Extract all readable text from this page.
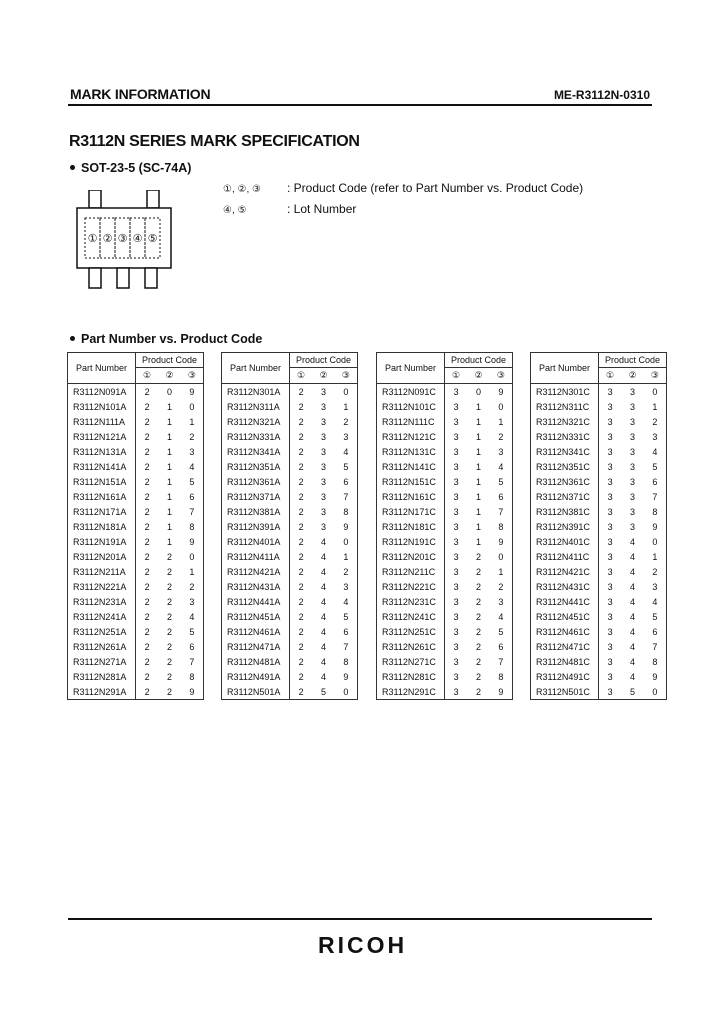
MARK INFORMATION	ME-R3112N-0310
R3112N SERIES MARK SPECIFICATION
SOT-23-5 (SC-74A)
① ② ③ ④ ⑤
①, ②, ③ : Product Code (refer to Part Number vs. Product Code)
④, ⑤	: Lot Number
Part Number vs. Product Code
Part Number	Product Code		
	①	②	③
R3112N091A	2	0	9
R3112N101A	2	1	0
R3112N111A	2	1	1
R3112N121A	2	1	2
R3112N131A	2	1	3
R3112N141A	2	1	4
R3112N151A	2	1	5
R3112N161A	2	1	6
R3112N171A	2	1	7
R3112N181A	2	1	8
R3112N191A	2	1	9
R3112N201A	2	2	0
R3112N211A	2	2	1
R3112N221A	2	2	2
R3112N231A	2	2	3
R3112N241A	2	2	4
R3112N251A	2	2	5
R3112N261A	2	2	6
R3112N271A	2	2	7
R3112N281A	2	2	8
R3112N291A	2	2	9
Part Number	Product Code		
	①	②	③
R3112N301A	2	3	0
R3112N311A	2	3	1
R3112N321A	2	3	2
R3112N331A	2	3	3
R3112N341A	2	3	4
R3112N351A	2	3	5
R3112N361A	2	3	6
R3112N371A	2	3	7
R3112N381A	2	3	8
R3112N391A	2	3	9
R3112N401A	2	4	0
R3112N411A	2	4	1
R3112N421A	2	4	2
R3112N431A	2	4	3
R3112N441A	2	4	4
R3112N451A	2	4	5
R3112N461A	2	4	6
R3112N471A	2	4	7
R3112N481A	2	4	8
R3112N491A	2	4	9
R3112N501A	2	5	0
Part Number	Product Code		
	①	②	③
R3112N091C	3	0	9
R3112N101C	3	1	0
R3112N111C	3	1	1
R3112N121C	3	1	2
R3112N131C	3	1	3
R3112N141C	3	1	4
R3112N151C	3	1	5
R3112N161C	3	1	6
R3112N171C	3	1	7
R3112N181C	3	1	8
R3112N191C	3	1	9
R3112N201C	3	2	0
R3112N211C	3	2	1
R3112N221C	3	2	2
R3112N231C	3	2	3
R3112N241C	3	2	4
R3112N251C	3	2	5
R3112N261C	3	2	6
R3112N271C	3	2	7
R3112N281C	3	2	8
R3112N291C	3	2	9
Part Number	Product Code		
	①	②	③
R3112N301C	3	3	0
R3112N311C	3	3	1
R3112N321C	3	3	2
R3112N331C	3	3	3
R3112N341C	3	3	4
R3112N351C	3	3	5
R3112N361C	3	3	6
R3112N371C	3	3	7
R3112N381C	3	3	8
R3112N391C	3	3	9
R3112N401C	3	4	0
R3112N411C	3	4	1
R3112N421C	3	4	2
R3112N431C	3	4	3
R3112N441C	3	4	4
R3112N451C	3	4	5
R3112N461C	3	4	6
R3112N471C	3	4	7
R3112N481C	3	4	8
R3112N491C	3	4	9
R3112N501C	3	5	0
RICOH
